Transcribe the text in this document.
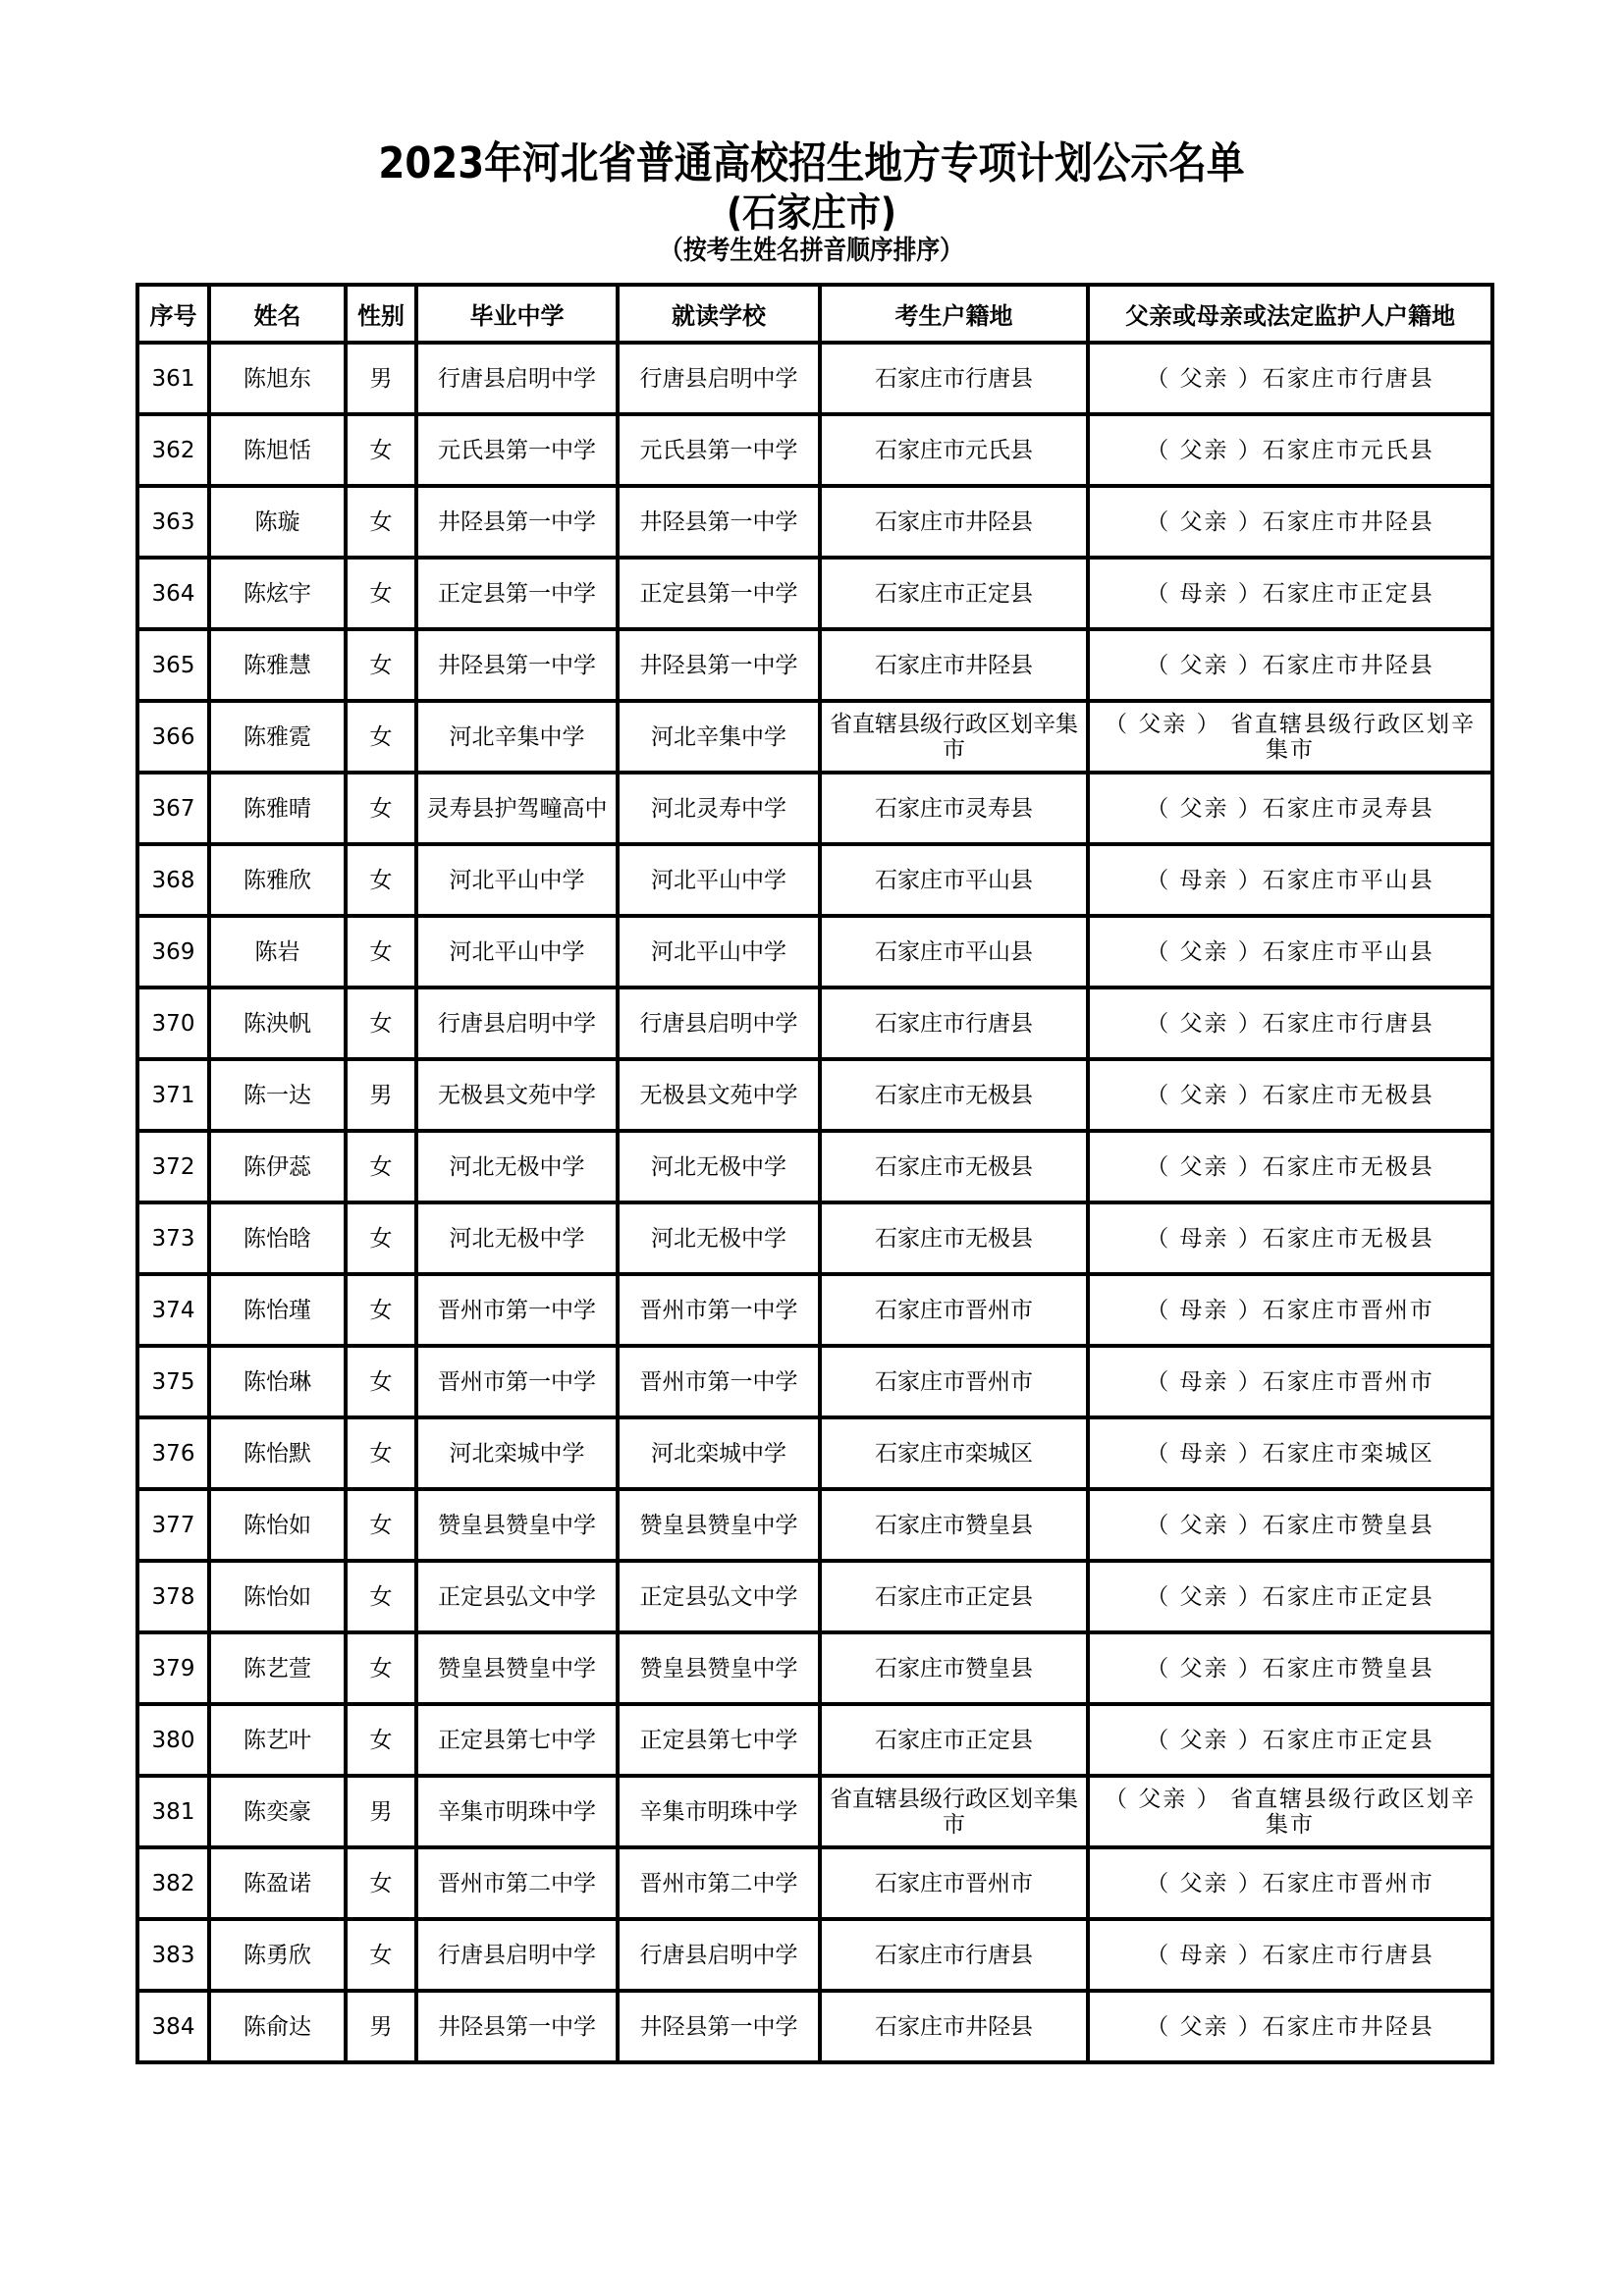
2023年河北省普通高校招生地方专项计划公示名单
(石家庄市)
（按考生姓名拼音顺序排序）
序号	姓名	性别	毕业中学	就读学校	考生户籍地	父亲或母亲或法定监护人户籍地
361	陈旭东	男	行唐县启明中学	行唐县启明中学	石家庄市行唐县	（ 父亲 ）石家庄市行唐县
362	陈旭恬	女	元氏县第一中学	元氏县第一中学	石家庄市元氏县	（ 父亲 ）石家庄市元氏县
363	陈璇	女	井陉县第一中学	井陉县第一中学	石家庄市井陉县	（ 父亲 ）石家庄市井陉县
364	陈炫宇	女	正定县第一中学	正定县第一中学	石家庄市正定县	（ 母亲 ）石家庄市正定县
365	陈雅慧	女	井陉县第一中学	井陉县第一中学	石家庄市井陉县	（ 父亲 ）石家庄市井陉县
366	陈雅霓	女	河北辛集中学	河北辛集中学	省直辖县级行政区划辛集市	（ 父亲 ） 省直辖县级行政区划辛集市
367	陈雅晴	女	灵寿县护驾疃高中	河北灵寿中学	石家庄市灵寿县	（ 父亲 ）石家庄市灵寿县
368	陈雅欣	女	河北平山中学	河北平山中学	石家庄市平山县	（ 母亲 ）石家庄市平山县
369	陈岩	女	河北平山中学	河北平山中学	石家庄市平山县	（ 父亲 ）石家庄市平山县
370	陈泱帆	女	行唐县启明中学	行唐县启明中学	石家庄市行唐县	（ 父亲 ）石家庄市行唐县
371	陈一达	男	无极县文苑中学	无极县文苑中学	石家庄市无极县	（ 父亲 ）石家庄市无极县
372	陈伊蕊	女	河北无极中学	河北无极中学	石家庄市无极县	（ 父亲 ）石家庄市无极县
373	陈怡晗	女	河北无极中学	河北无极中学	石家庄市无极县	（ 母亲 ）石家庄市无极县
374	陈怡瑾	女	晋州市第一中学	晋州市第一中学	石家庄市晋州市	（ 母亲 ）石家庄市晋州市
375	陈怡琳	女	晋州市第一中学	晋州市第一中学	石家庄市晋州市	（ 母亲 ）石家庄市晋州市
376	陈怡默	女	河北栾城中学	河北栾城中学	石家庄市栾城区	（ 母亲 ）石家庄市栾城区
377	陈怡如	女	赞皇县赞皇中学	赞皇县赞皇中学	石家庄市赞皇县	（ 父亲 ）石家庄市赞皇县
378	陈怡如	女	正定县弘文中学	正定县弘文中学	石家庄市正定县	（ 父亲 ）石家庄市正定县
379	陈艺萱	女	赞皇县赞皇中学	赞皇县赞皇中学	石家庄市赞皇县	（ 父亲 ）石家庄市赞皇县
380	陈艺叶	女	正定县第七中学	正定县第七中学	石家庄市正定县	（ 父亲 ）石家庄市正定县
381	陈奕豪	男	辛集市明珠中学	辛集市明珠中学	省直辖县级行政区划辛集市	（ 父亲 ） 省直辖县级行政区划辛集市
382	陈盈诺	女	晋州市第二中学	晋州市第二中学	石家庄市晋州市	（ 父亲 ）石家庄市晋州市
383	陈勇欣	女	行唐县启明中学	行唐县启明中学	石家庄市行唐县	（ 母亲 ）石家庄市行唐县
384	陈俞达	男	井陉县第一中学	井陉县第一中学	石家庄市井陉县	（ 父亲 ）石家庄市井陉县
